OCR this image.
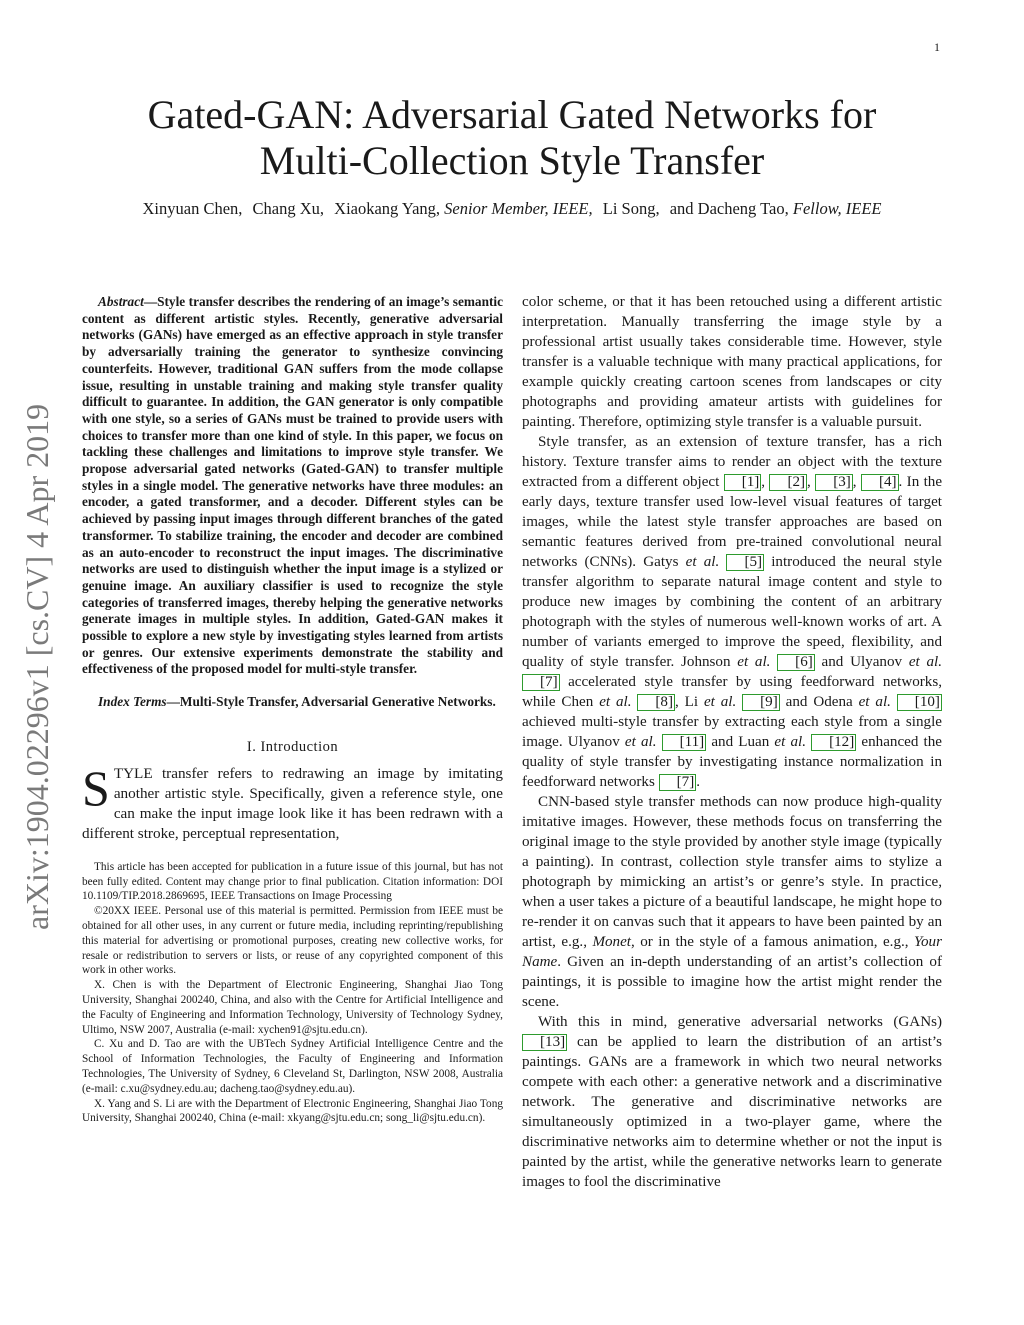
1
arXiv:1904.02296v1 [cs.CV] 4 Apr 2019
Gated-GAN: Adversarial Gated Networks for
Multi-Collection Style Transfer
Xinyuan Chen, Chang Xu, Xiaokang Yang, Senior Member, IEEE, Li Song, and Dacheng Tao, Fellow, IEEE

Abstract—Style transfer describes the rendering of an image’s semantic content as different artistic styles. Recently, generative adversarial networks (GANs) have emerged as an effective approach in style transfer by adversarially training the generator to synthesize convincing counterfeits. However, traditional GAN suffers from the mode collapse issue, resulting in unstable training and making style transfer quality difficult to guarantee. In addition, the GAN generator is only compatible with one style, so a series of GANs must be trained to provide users with choices to transfer more than one kind of style. In this paper, we focus on tackling these challenges and limitations to improve style transfer. We propose adversarial gated networks (Gated-GAN) to transfer multiple styles in a single model. The generative networks have three modules: an encoder, a gated transformer, and a decoder. Different styles can be achieved by passing input images through different branches of the gated transformer. To stabilize training, the encoder and decoder are combined as an auto-encoder to reconstruct the input images. The discriminative networks are used to distinguish whether the input image is a stylized or genuine image. An auxiliary classifier is used to recognize the style categories of transferred images, thereby helping the generative networks generate images in multiple styles. In addition, Gated-GAN makes it possible to explore a new style by investigating styles learned from artists or genres. Our extensive experiments demonstrate the stability and effectiveness of the proposed model for multi-style transfer.

Index Terms—Multi-Style Transfer, Adversarial Generative Networks.

I. Introduction

STYLE transfer refers to redrawing an image by imitating another artistic style. Specifically, given a reference style, one can make the input image look like it has been redrawn with a different stroke, perceptual representation,

This article has been accepted for publication in a future issue of this journal, but has not been fully edited. Content may change prior to final publication. Citation information: DOI 10.1109/TIP.2018.2869695, IEEE Transactions on Image Processing

©20XX IEEE. Personal use of this material is permitted. Permission from IEEE must be obtained for all other uses, in any current or future media, including reprinting/republishing this material for advertising or promotional purposes, creating new collective works, for resale or redistribution to servers or lists, or reuse of any copyrighted component of this work in other works.

X. Chen is with the Department of Electronic Engineering, Shanghai Jiao Tong University, Shanghai 200240, China, and also with the Centre for Artificial Intelligence and the Faculty of Engineering and Information Technology, University of Technology Sydney, Ultimo, NSW 2007, Australia (e-mail: xychen91@sjtu.edu.cn).

C. Xu and D. Tao are with the UBTech Sydney Artificial Intelligence Centre and the School of Information Technologies, the Faculty of Engineering and Information Technologies, The University of Sydney, 6 Cleveland St, Darlington, NSW 2008, Australia (e-mail: c.xu@sydney.edu.au; dacheng.tao@sydney.edu.au).

X. Yang and S. Li are with the Department of Electronic Engineering, Shanghai Jiao Tong University, Shanghai 200240, China (e-mail: xkyang@sjtu.edu.cn; song_li@sjtu.edu.cn).

color scheme, or that it has been retouched using a different artistic interpretation. Manually transferring the image style by a professional artist usually takes considerable time. However, style transfer is a valuable technique with many practical applications, for example quickly creating cartoon scenes from landscapes or city photographs and providing amateur artists with guidelines for painting. Therefore, optimizing style transfer is a valuable pursuit.

Style transfer, as an extension of texture transfer, has a rich history. Texture transfer aims to render an object with the texture extracted from a different object [1] , [2] , [3] , [4] . In the early days, texture transfer used low-level visual features of target images, while the latest style transfer approaches are based on semantic features derived from pre-trained convolutional neural networks (CNNs). Gatys et al. [5] introduced the neural style transfer algorithm to separate natural image content and style to produce new images by combining the content of an arbitrary photograph with the styles of numerous well-known works of art. A number of variants emerged to improve the speed, flexibility, and quality of style transfer. Johnson et al. [6] and Ulyanov et al. [7] accelerated style transfer by using feedforward networks, while Chen et al. [8] , Li et al. [9] and Odena et al. [10] achieved multi-style transfer by extracting each style from a single image. Ulyanov et al. [11] and Luan et al. [12] enhanced the quality of style transfer by investigating instance normalization in feedforward networks [7] .

CNN-based style transfer methods can now produce high-quality imitative images. However, these methods focus on transferring the original image to the style provided by another style image (typically a painting). In contrast, collection style transfer aims to stylize a photograph by mimicking an artist’s or genre’s style. In practice, when a user takes a picture of a beautiful landscape, he might hope to re-render it on canvas such that it appears to have been painted by an artist, e.g., Monet, or in the style of a famous animation, e.g., Your Name. Given an in-depth understanding of an artist’s collection of paintings, it is possible to imagine how the artist might render the scene.

With this in mind, generative adversarial networks (GANs) [13] can be applied to learn the distribution of an artist’s paintings. GANs are a framework in which two neural networks compete with each other: a generative network and a discriminative network. The generative and discriminative networks are simultaneously optimized in a two-player game, where the discriminative networks aim to determine whether or not the input is painted by the artist, while the generative networks learn to generate images to fool the discriminative
